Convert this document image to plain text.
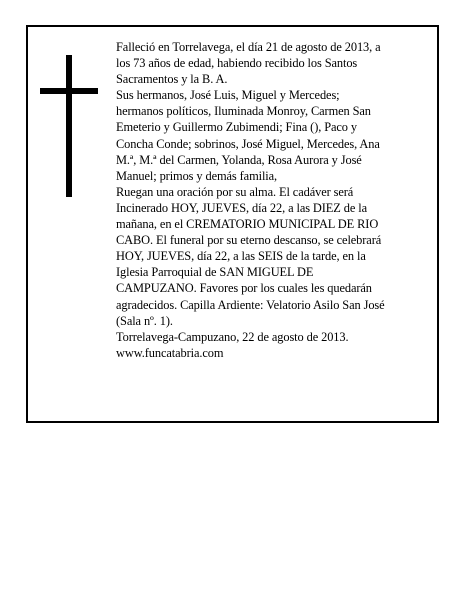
Falleció en Torrelavega, el día 21 de agosto de 2013, a
los 73 años de edad, habiendo recibido los Santos
Sacramentos y la B. A.
Sus hermanos, José Luis, Miguel y Mercedes;
hermanos políticos, Iluminada Monroy, Carmen San
Emeterio y Guillermo Zubimendi; Fina (), Paco y
Concha Conde; sobrinos, José Miguel, Mercedes, Ana
M.ª, M.ª del Carmen, Yolanda, Rosa Aurora y José
Manuel; primos y demás familia,
Ruegan una oración por su alma. El cadáver será
Incinerado HOY, JUEVES, día 22, a las DIEZ de la
mañana, en el CREMATORIO MUNICIPAL DE RIO
CABO. El funeral por su eterno descanso, se celebrará
HOY, JUEVES, día 22, a las SEIS de la tarde, en la
Iglesia Parroquial de SAN MIGUEL DE
CAMPUZANO. Favores por los cuales les quedarán
agradecidos. Capilla Ardiente: Velatorio Asilo San José
(Sala nº. 1).
Torrelavega-Campuzano, 22 de agosto de 2013.
www.funcatabria.com
